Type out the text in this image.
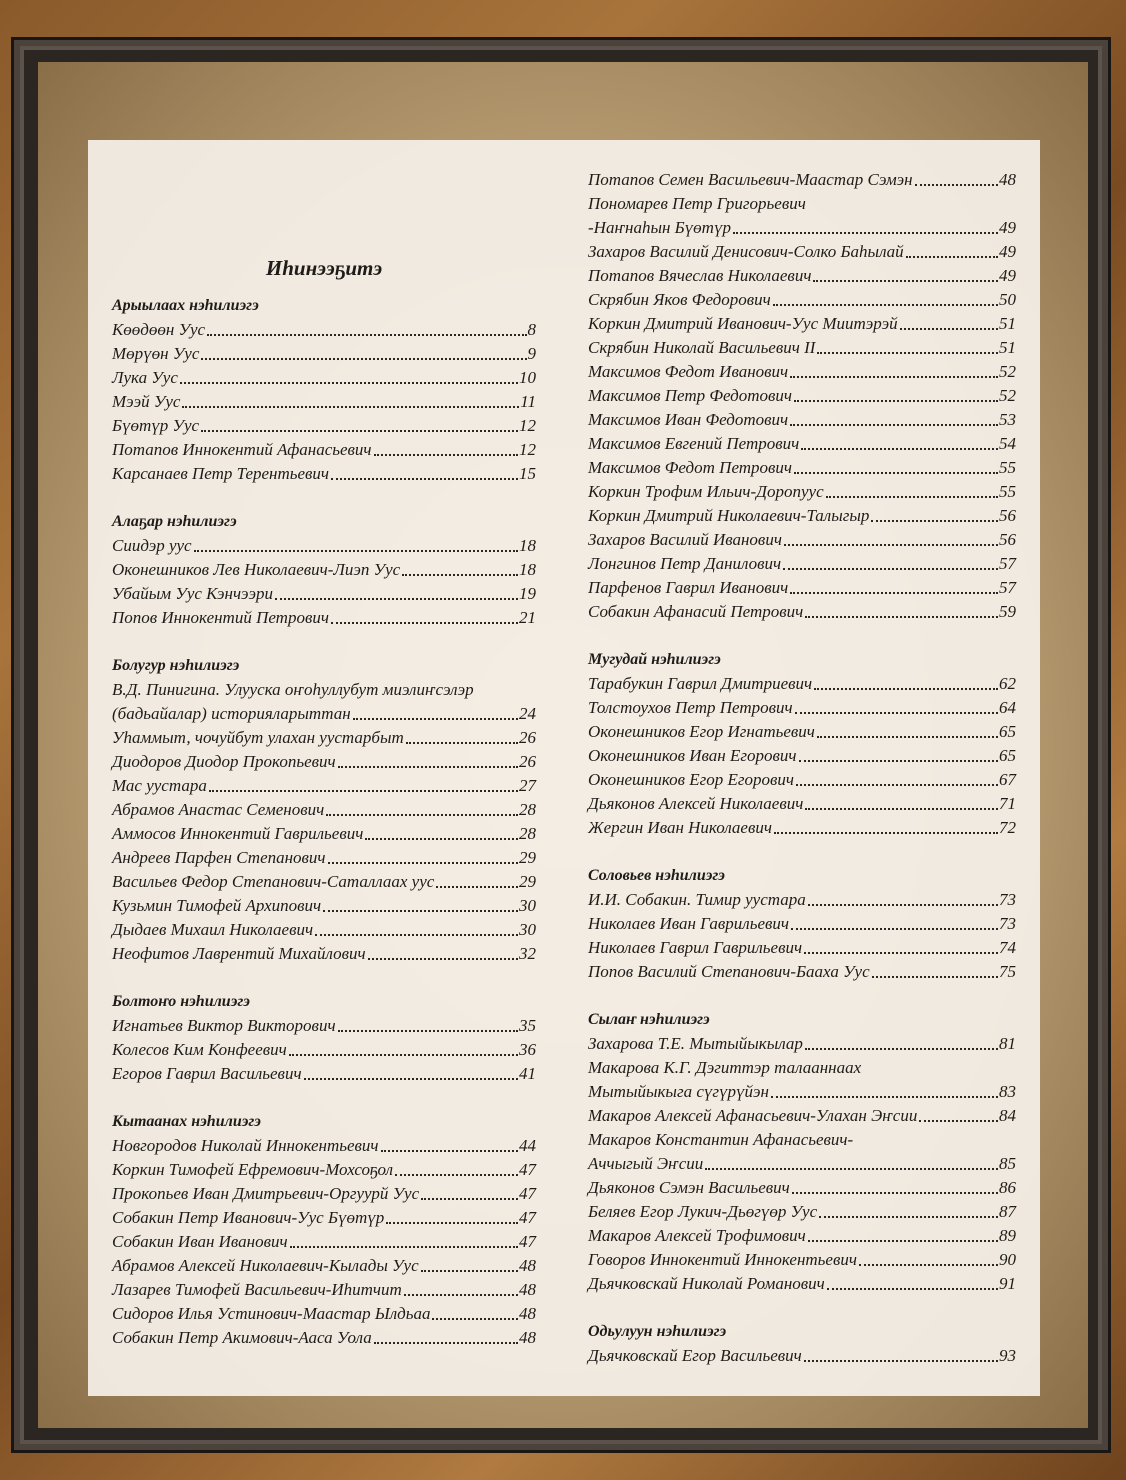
Иһинээҕитэ
Арыылаах нэһилиэгэ
Көөдөөн Уус	8
Мөрүөн Уус	9
Лука Уус	10
Мээй Уус	11
Бүөтүр Уус	12
Потапов Иннокентий Афанасьевич	12
Карсанаев Петр Терентьевич	15
Алаҕар нэһилиэгэ
Сиидэр уус	18
Оконешников Лев Николаевич-Лиэп Уус	18
Убайым Уус Кэнчээри	19
Попов Иннокентий Петрович	21
Болугур нэһилиэгэ
В.Д. Пинигина. Улууска оҥоһуллубут миэлиҥсэлэр
(бадьайалар) историяларыттан	24
Уһаммыт, чочуйбут улахан уустарбыт	26
Диодоров Диодор Прокопьевич	26
Мас уустара	27
Абрамов Анастас Семенович	28
Аммосов Иннокентий Гаврильевич	28
Андреев Парфен Степанович	29
Васильев Федор Степанович-Саталлаах уус	29
Кузьмин Тимофей Архипович	30
Дыдаев Михаил Николаевич	30
Неофитов Лаврентий Михайлович	32
Болтоҥо нэһилиэгэ
Игнатьев Виктор Викторович	35
Колесов Ким Конфеевич	36
Егоров Гаврил Васильевич	41
Кытаанах нэһилиэгэ
Новгородов Николай Иннокентьевич	44
Коркин Тимофей Ефремович-Мохсоҕол	47
Прокопьев Иван Дмитрьевич-Оргуурй Уус	47
Собакин Петр Иванович-Уус Бүөтүр	47
Собакин Иван Иванович	47
Абрамов Алексей Николаевич-Кылады Уус	48
Лазарев Тимофей Васильевич-Иһитчит	48
Сидоров Илья Устинович-Маастар Ылдьаа	48
Собакин Петр Акимович-Ааса Уола	48
Потапов Семен Васильевич-Маастар Сэмэн	48
Пономарев Петр Григорьевич
-Наҥнаһын Бүөтүр	49
Захаров Василий Денисович-Солко Баһылай	49
Потапов Вячеслав Николаевич	49
Скрябин Яков Федорович	50
Коркин Дмитрий Иванович-Уус Миитэрэй	51
Скрябин Николай Васильевич II	51
Максимов Федот Иванович	52
Максимов Петр Федотович	52
Максимов Иван Федотович	53
Максимов Евгений Петрович	54
Максимов Федот Петрович	55
Коркин Трофим Ильич-Доропуус	55
Коркин Дмитрий Николаевич-Талыгыр	56
Захаров Василий Иванович	56
Лонгинов Петр Данилович	57
Парфенов Гаврил Иванович	57
Собакин Афанасий Петрович	59
Мугудай нэһилиэгэ
Тарабукин Гаврил Дмитриевич	62
Толстоухов Петр Петрович	64
Оконешников Егор Игнатьевич	65
Оконешников Иван Егорович	65
Оконешников Егор Егорович	67
Дьяконов Алексей Николаевич	71
Жергин Иван Николаевич	72
Соловьев нэһилиэгэ
И.И. Собакин. Тимир уустара	73
Николаев Иван Гаврильевич	73
Николаев Гаврил Гаврильевич	74
Попов Василий Степанович-Бааха Уус	75
Сылаҥ нэһилиэгэ
Захарова Т.Е. Мытыйыкылар	81
Макарова К.Г. Дэгиттэр талааннаах
Мытыйыкыга сүгүрүйэн	83
Макаров Алексей Афанасьевич-Улахан Эҥсии	84
Макаров Константин Афанасьевич-
Аччыгый Эҥсии	85
Дьяконов Сэмэн Васильевич	86
Беляев Егор Лукич-Дьөгүөр Уус	87
Макаров Алексей Трофимович	89
Говоров Иннокентий Иннокентьевич	90
Дьячковскай Николай Романович	91
Одьулуун нэһилиэгэ
Дьячковскай Егор Васильевич	93
